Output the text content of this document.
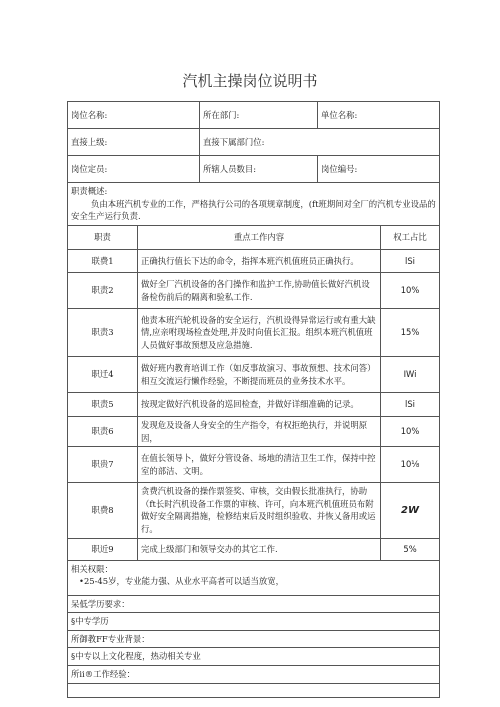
汽机主操岗位说明书
岗位名称:		所在部门:	单位名称:	
直接上级:		直接下属部门位:		
岗位定员:		所辖人员数目:	岗位编号:	

职责概述:
负由本班汽机专业的工作，严格执行公司的各项规章制度，(ft班期间对全厂的汽机专业设品的安全生产运行负责.				

职责	重点工作内容			权工占比
联费1	正确执行值长下达的命令，指挥本班汽机值班员正确执行。			lSi
职责2	做好全厂汽机设备的各门操作和监护工作,协助值长做好汽机设备检伤前后的隔离和验私工作.			10%
职责3	他责本班汽轮机设备的安全运行，汽机设得异常运行或有重大缺情,应亲咐现场检查处理,并及时向值长汇报。组织本班汽机值班人员做好事故预想及应急措施.			15%
职迁4	做好班内教育培训工作（如反事故演习、事故预想、技术问答）相互交流运行懒作经验，不断提而班员的业务技术水平。			IWi
职责5	按现定做好汽机设备的巡回检查，并做好详细准确的记录。			lSi
职责6	发现危及设备人身安全的生产指令，有权拒绝执行，并说明原因，			10%
职贵7	在值长领导卜，做好分管设备、场地的清洁卫生工作，保持中控室的部洁、文明。			10⅛
职费8	贪费汽机设备的操作票签奖、审核，交由假长批准执行，协助（ft长时汽机设备工作票的审核、许可，向本班汽机值班员布附做好安全隔离措施，检修结束后及时组织验收、并恢乂备用或运行。			2W
职近9	完成上级部门和领导交办的其它工作.			5%

相关权限：
•25-45岁，专业能力强、从业水平高者可以适当放宽，				

呆低学历要求：				
§中专学历				
所御教FF专业背景：				
§中专以上文化程度，热动相关专业				
所ii®工作经验：				
